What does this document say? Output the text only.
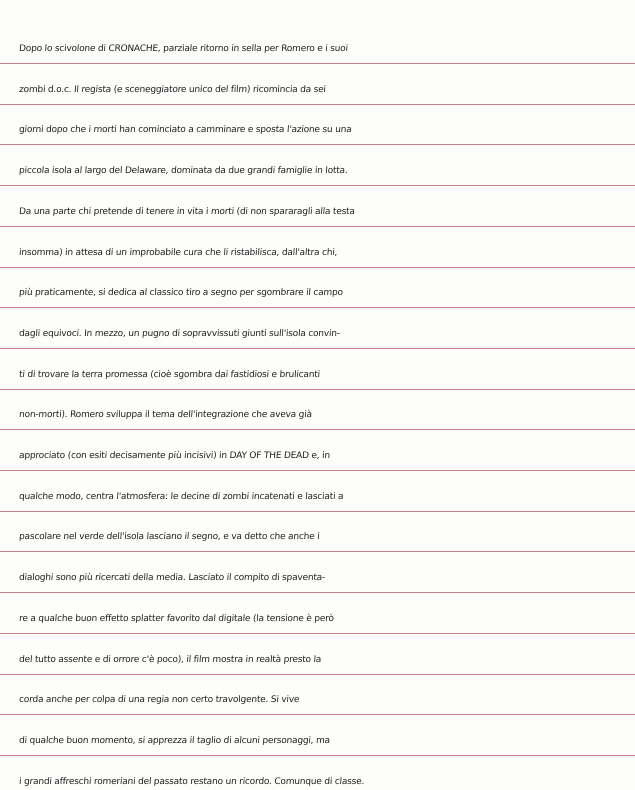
Dopo lo scivolone di CRONACHE, parziale ritorno in sella per Romero e i suoi

zombi d.o.c. Il regista (e sceneggiatore unico del film) ricomincia da sei

giorni dopo che i morti han cominciato a camminare e sposta l'azione su una

piccola isola al largo del Delaware, dominata da due grandi famiglie in lotta.

Da una parte chi pretende di tenere in vita i morti (di non spararagli alla testa

insomma) in attesa di un improbabile cura che li ristabilisca, dall'altra chi,

più praticamente, si dedica al classico tiro a segno per sgombrare il campo

dagli equivoci. In mezzo, un pugno di sopravvissuti giunti sull'isola convin-

ti di trovare la terra promessa (cioè sgombra dai fastidiosi e brulicanti

non-morti). Romero sviluppa il tema dell'integrazione che aveva già

approciato (con esiti decisamente più incisivi) in DAY OF THE DEAD e, in

qualche modo, centra l'atmosfera: le decine di zombi incatenati e lasciati a

pascolare nel verde dell'isola lasciano il segno, e va detto che anche i

dialoghi sono più ricercati della media. Lasciato il compito di spaventa-

re a qualche buon effetto splatter favorito dal digitale (la tensione è però

del tutto assente e di orrore c'è poco), il film mostra in realtà presto la

corda anche per colpa di una regia non certo travolgente. Si vive

di qualche buon momento, si apprezza il taglio di alcuni personaggi, ma

i grandi affreschi romeriani del passato restano un ricordo. Comunque di classe.
